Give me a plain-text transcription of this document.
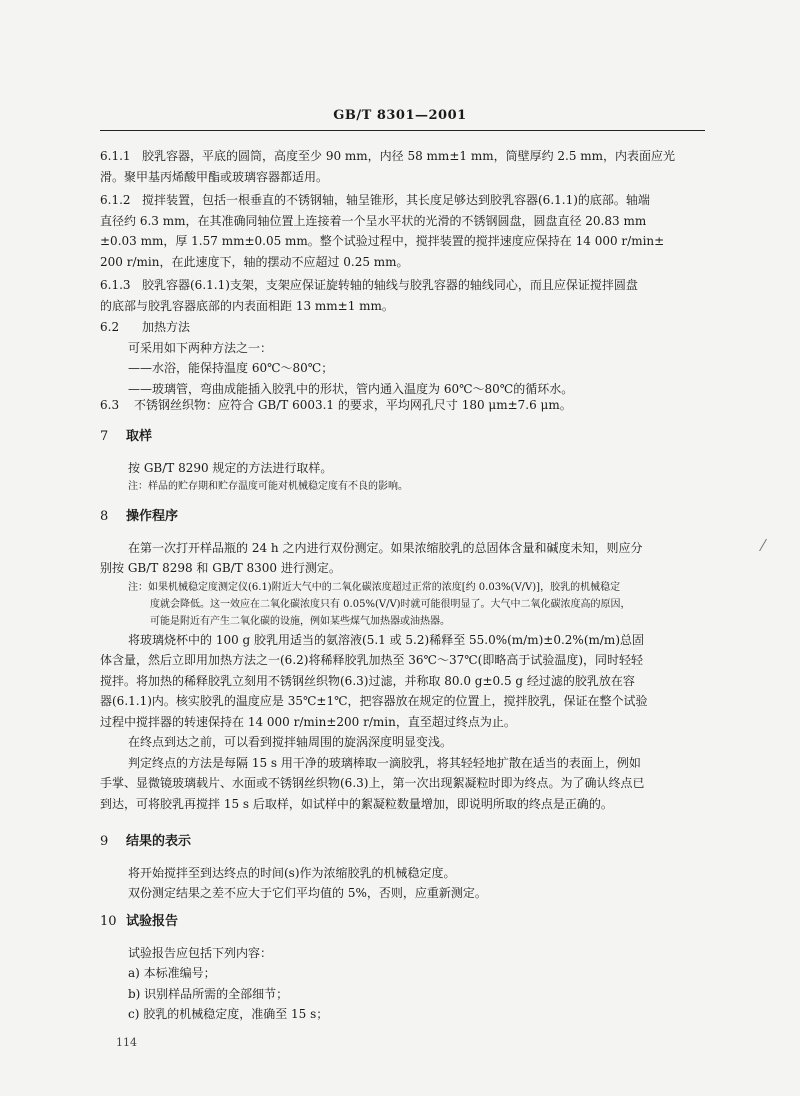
GB/T 8301—2001
6.1.1 胶乳容器，平底的圆筒，高度至少 90 mm，内径 58 mm±1 mm，筒壁厚约 2.5 mm，内表面应光
滑。聚甲基丙烯酸甲酯或玻璃容器都适用。
6.1.2 搅拌装置，包括一根垂直的不锈钢轴，轴呈锥形，其长度足够达到胶乳容器(6.1.1)的底部。轴端
直径约 6.3 mm，在其准确同轴位置上连接着一个呈水平状的光滑的不锈钢圆盘，圆盘直径 20.83 mm
±0.03 mm，厚 1.57 mm±0.05 mm。整个试验过程中，搅拌装置的搅拌速度应保持在 14 000 r/min±
200 r/min，在此速度下，轴的摆动不应超过 0.25 mm。
6.1.3 胶乳容器(6.1.1)支架，支架应保证旋转轴的轴线与胶乳容器的轴线同心，而且应保证搅拌圆盘
的底部与胶乳容器底部的内表面相距 13 mm±1 mm。
6.2 加热方法
可采用如下两种方法之一：
——水浴，能保持温度 60℃～80℃；
——玻璃管，弯曲成能插入胶乳中的形状，管内通入温度为 60℃～80℃的循环水。
6.3 不锈钢丝织物：应符合 GB/T 6003.1 的要求，平均网孔尺寸 180 μm±7.6 μm。
7 取样
按 GB/T 8290 规定的方法进行取样。
注：样品的贮存期和贮存温度可能对机械稳定度有不良的影响。
8 操作程序
在第一次打开样品瓶的 24 h 之内进行双份测定。如果浓缩胶乳的总固体含量和碱度未知，则应分
别按 GB/T 8298 和 GB/T 8300 进行测定。
注：如果机械稳定度测定仪(6.1)附近大气中的二氧化碳浓度超过正常的浓度[约 0.03%(V/V)]，胶乳的机械稳定
度就会降低。这一效应在二氧化碳浓度只有 0.05%(V/V)时就可能很明显了。大气中二氧化碳浓度高的原因，
可能是附近有产生二氧化碳的设施，例如某些煤气加热器或油热器。
将玻璃烧杯中的 100 g 胶乳用适当的氨溶液(5.1 或 5.2)稀释至 55.0%(m/m)±0.2%(m/m)总固
体含量，然后立即用加热方法之一(6.2)将稀释胶乳加热至 36℃～37℃(即略高于试验温度)，同时轻轻
搅拌。将加热的稀释胶乳立刻用不锈钢丝织物(6.3)过滤，并称取 80.0 g±0.5 g 经过滤的胶乳放在容
器(6.1.1)内。核实胶乳的温度应是 35℃±1℃，把容器放在规定的位置上，搅拌胶乳，保证在整个试验
过程中搅拌器的转速保持在 14 000 r/min±200 r/min，直至超过终点为止。
在终点到达之前，可以看到搅拌轴周围的旋涡深度明显变浅。
判定终点的方法是每隔 15 s 用干净的玻璃棒取一滴胶乳，将其轻轻地扩散在适当的表面上，例如
手掌、显微镜玻璃载片、水面或不锈钢丝织物(6.3)上，第一次出现絮凝粒时即为终点。为了确认终点已
到达，可将胶乳再搅拌 15 s 后取样，如试样中的絮凝粒数量增加，即说明所取的终点是正确的。
9 结果的表示
将开始搅拌至到达终点的时间(s)作为浓缩胶乳的机械稳定度。
双份测定结果之差不应大于它们平均值的 5%，否则，应重新测定。
10 试验报告
试验报告应包括下列内容：
a) 本标准编号；
b) 识别样品所需的全部细节；
c) 胶乳的机械稳定度，准确至 15 s；
114
